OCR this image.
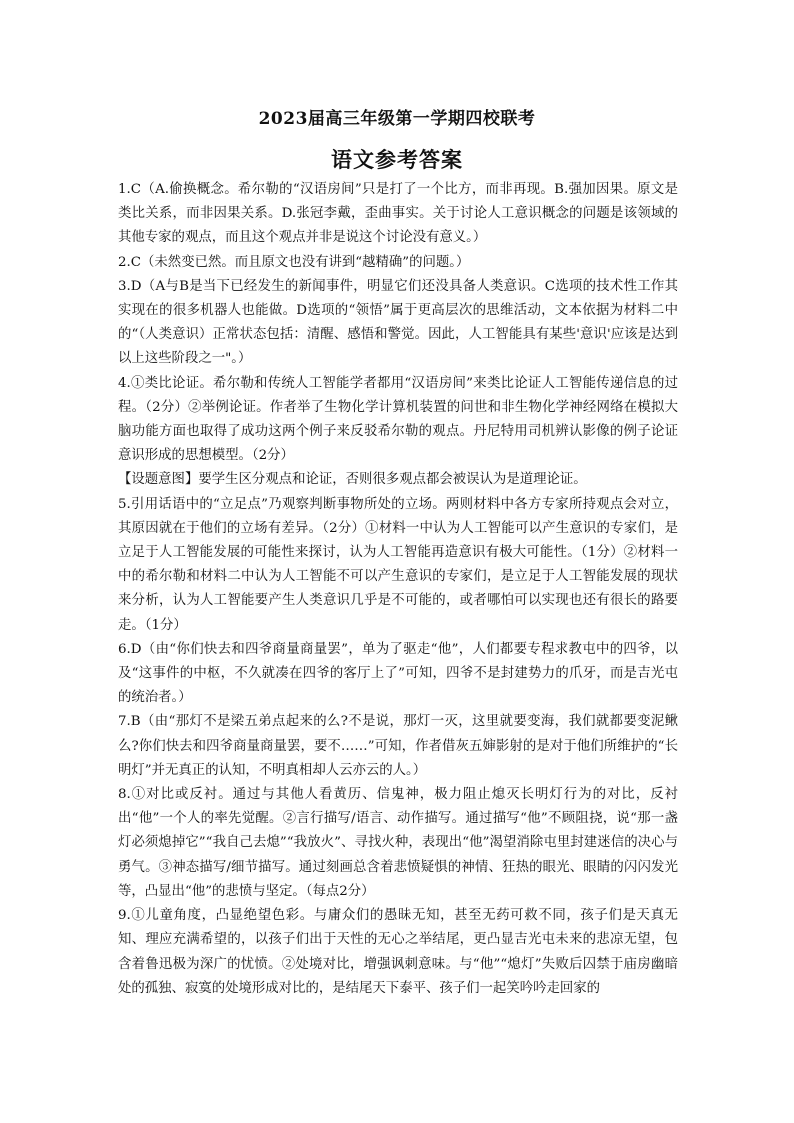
2023届高三年级第一学期四校联考
语文参考答案

1.C（A.偷换概念。希尔勒的“汉语房间”只是打了一个比方，而非再现。B.强加因果。原文是类比关系，而非因果关系。D.张冠李戴，歪曲事实。关于讨论人工意识概念的问题是该领域的其他专家的观点，而且这个观点并非是说这个讨论没有意义。）

2.C（未然变已然。而且原文也没有讲到“越精确”的问题。）

3.D（A与B是当下已经发生的新闻事件，明显它们还没具备人类意识。C选项的技术性工作其实现在的很多机器人也能做。D选项的“领悟”属于更高层次的思维活动，文本依据为材料二中的“（人类意识）正常状态包括：清醒、感悟和警觉。因此，人工智能具有某些'意识'应该是达到以上这些阶段之一"。）

4.①类比论证。希尔勒和传统人工智能学者都用“汉语房间”来类比论证人工智能传递信息的过程。（2分）②举例论证。作者举了生物化学计算机装置的问世和非生物化学神经网络在模拟大脑功能方面也取得了成功这两个例子来反驳希尔勒的观点。丹尼特用司机辨认影像的例子论证意识形成的思想模型。（2分）

【设题意图】要学生区分观点和论证，否则很多观点都会被误认为是道理论证。

5.引用话语中的“立足点”乃观察判断事物所处的立场。两则材料中各方专家所持观点会对立，其原因就在于他们的立场有差异。（2分）①材料一中认为人工智能可以产生意识的专家们，是立足于人工智能发展的可能性来探讨，认为人工智能再造意识有极大可能性。（1分）②材料一中的希尔勒和材料二中认为人工智能不可以产生意识的专家们，是立足于人工智能发展的现状来分析，认为人工智能要产生人类意识几乎是不可能的，或者哪怕可以实现也还有很长的路要走。（1分）

6.D（由“你们快去和四爷商量商量罢”，单为了驱走“他”，人们都要专程求教屯中的四爷，以及“这事件的中枢，不久就凑在四爷的客厅上了”可知，四爷不是封建势力的爪牙，而是吉光屯的统治者。）

7.B（由“那灯不是梁五弟点起来的么?不是说，那灯一灭，这里就要变海，我们就都要变泥鳅么?你们快去和四爷商量商量罢，要不……”可知，作者借灰五婶影射的是对于他们所维护的“长明灯”并无真正的认知，不明真相却人云亦云的人。）

8.①对比或反衬。通过与其他人看黄历、信鬼神，极力阻止熄灭长明灯行为的对比，反衬出“他”一个人的率先觉醒。②言行描写/语言、动作描写。通过描写“他”不顾阻挠，说“那一盏灯必须熄掉它”“我自己去熄”“我放火”、寻找火种，表现出“他”渴望消除屯里封建迷信的决心与勇气。③神态描写/细节描写。通过刻画总含着悲愤疑惧的神情、狂热的眼光、眼睛的闪闪发光等，凸显出“他”的悲愤与坚定。（每点2分）

9.①儿童角度，凸显绝望色彩。与庸众们的愚昧无知，甚至无药可救不同，孩子们是天真无知、理应充满希望的，以孩子们出于天性的无心之举结尾，更凸显吉光屯未来的悲凉无望，包含着鲁迅极为深广的忧愤。②处境对比，增强讽刺意味。与“他”“熄灯”失败后囚禁于庙房幽暗处的孤独、寂寞的处境形成对比的，是结尾天下泰平、孩子们一起笑吟吟走回家的
